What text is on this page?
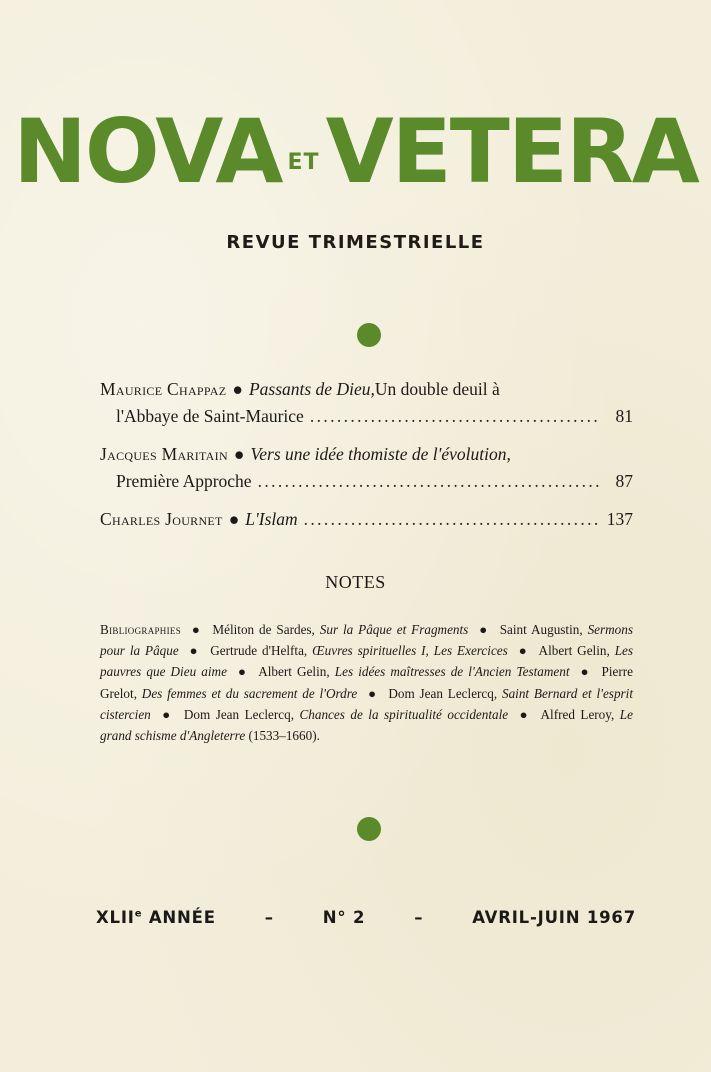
NOVA ETVETERA
REVUE TRIMESTRIELLE
Maurice Chappaz ● Passants de Dieu, Un double deuil à
l'Abbaye de Saint-Maurice . . .	81
Jacques Maritain ● Vers une idée thomiste de l'évolution,
Première Approche . . .	87
Charles Journet ● L'Islam . . .	137
NOTES
Bibliographies ● Méliton de Sardes, Sur la Pâque et Fragments ● Saint Augustin, Sermons pour la Pâque ● Gertrude d'Helfta, Œuvres spirituelles I, Les Exercices ● Albert Gelin, Les pauvres que Dieu aime ● Albert Gelin, Les idées maîtresses de l'Ancien Testament ● Pierre Grelot, Des femmes et du sacrement de l'Ordre ● Dom Jean Leclercq, Saint Bernard et l'esprit cistercien ● Dom Jean Leclercq, Chances de la spiritualité occidentale ● Alfred Leroy, Le grand schisme d'Angleterre (1533–1660).
XLIIe ANNÉE	–	N° 2	–	AVRIL-JUIN 1967
